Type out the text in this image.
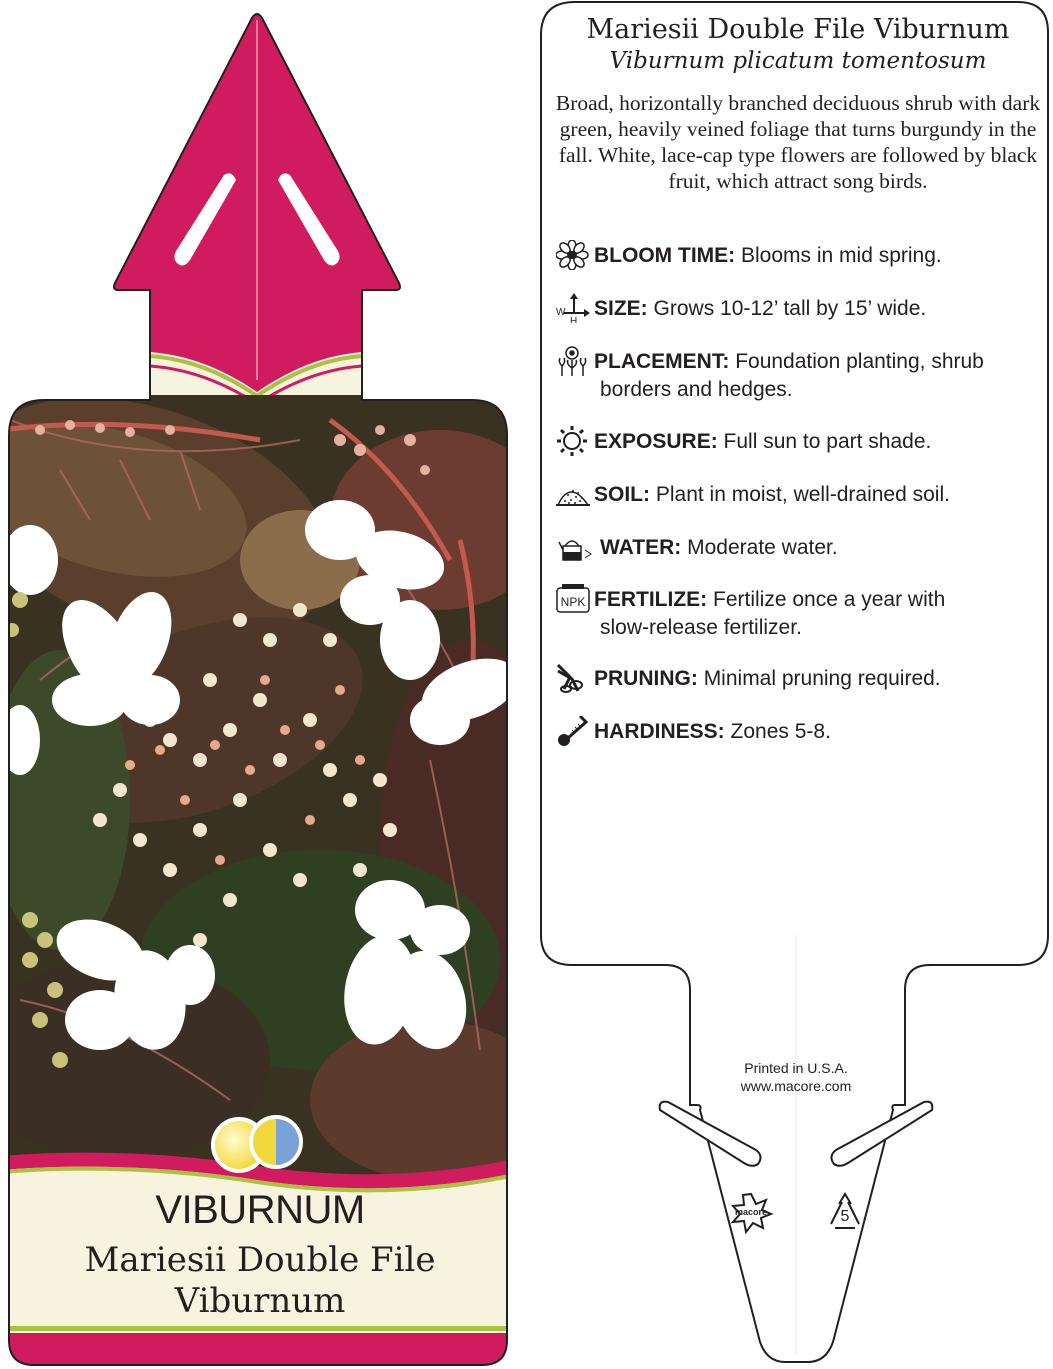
macore	5
Mariesii Double File Viburnum
Viburnum plicatum tomentosum
Broad, horizontally branched deciduous shrub with dark green, heavily veined foliage that turns burgundy in the fall. White, lace-cap type flowers are followed by black fruit, which attract song birds.
BLOOM TIME: Blooms in mid spring.
W
H
SIZE: Grows 10-12’ tall by 15’ wide.
PLACEMENT: Foundation planting, shrub
borders and hedges.
EXPOSURE: Full sun to part shade.
SOIL: Plant in moist, well-drained soil.
WATER: Moderate water.
NPK FERTILIZE: Fertilize once a year with
slow-release fertilizer.
PRUNING: Minimal pruning required.
HARDINESS: Zones 5-8.
Printed in U.S.A.
www.macore.com
VIBURNUM
Mariesii Double File
Viburnum
